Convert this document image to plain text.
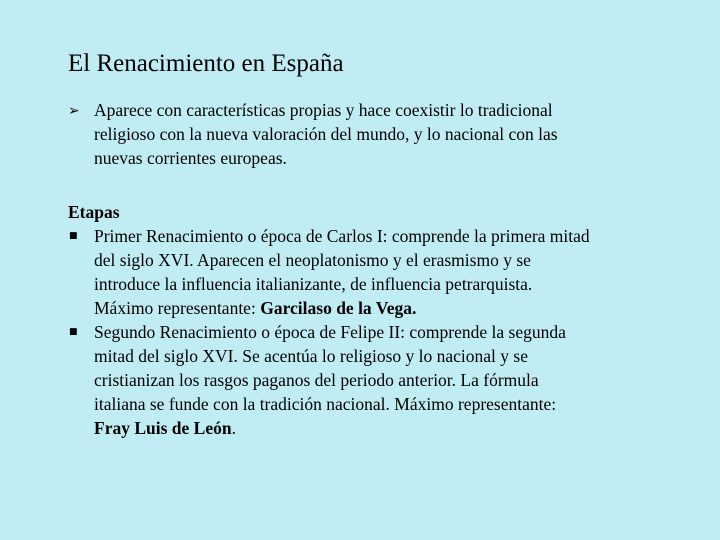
El Renacimiento en España
➢ Aparece con características propias y hace coexistir lo tradicional
religioso con la nueva valoración del mundo, y lo nacional con las
nuevas corrientes europeas.
Etapas
■ Primer Renacimiento o época de Carlos I: comprende la primera mitad
del siglo XVI. Aparecen el neoplatonismo y el erasmismo y se
introduce la influencia italianizante, de influencia petrarquista.
Máximo representante: Garcilaso de la Vega.
■ Segundo Renacimiento o época de Felipe II: comprende la segunda
mitad del siglo XVI. Se acentúa lo religioso y lo nacional y se
cristianizan los rasgos paganos del periodo anterior. La fórmula
italiana se funde con la tradición nacional. Máximo representante:
Fray Luis de León.
